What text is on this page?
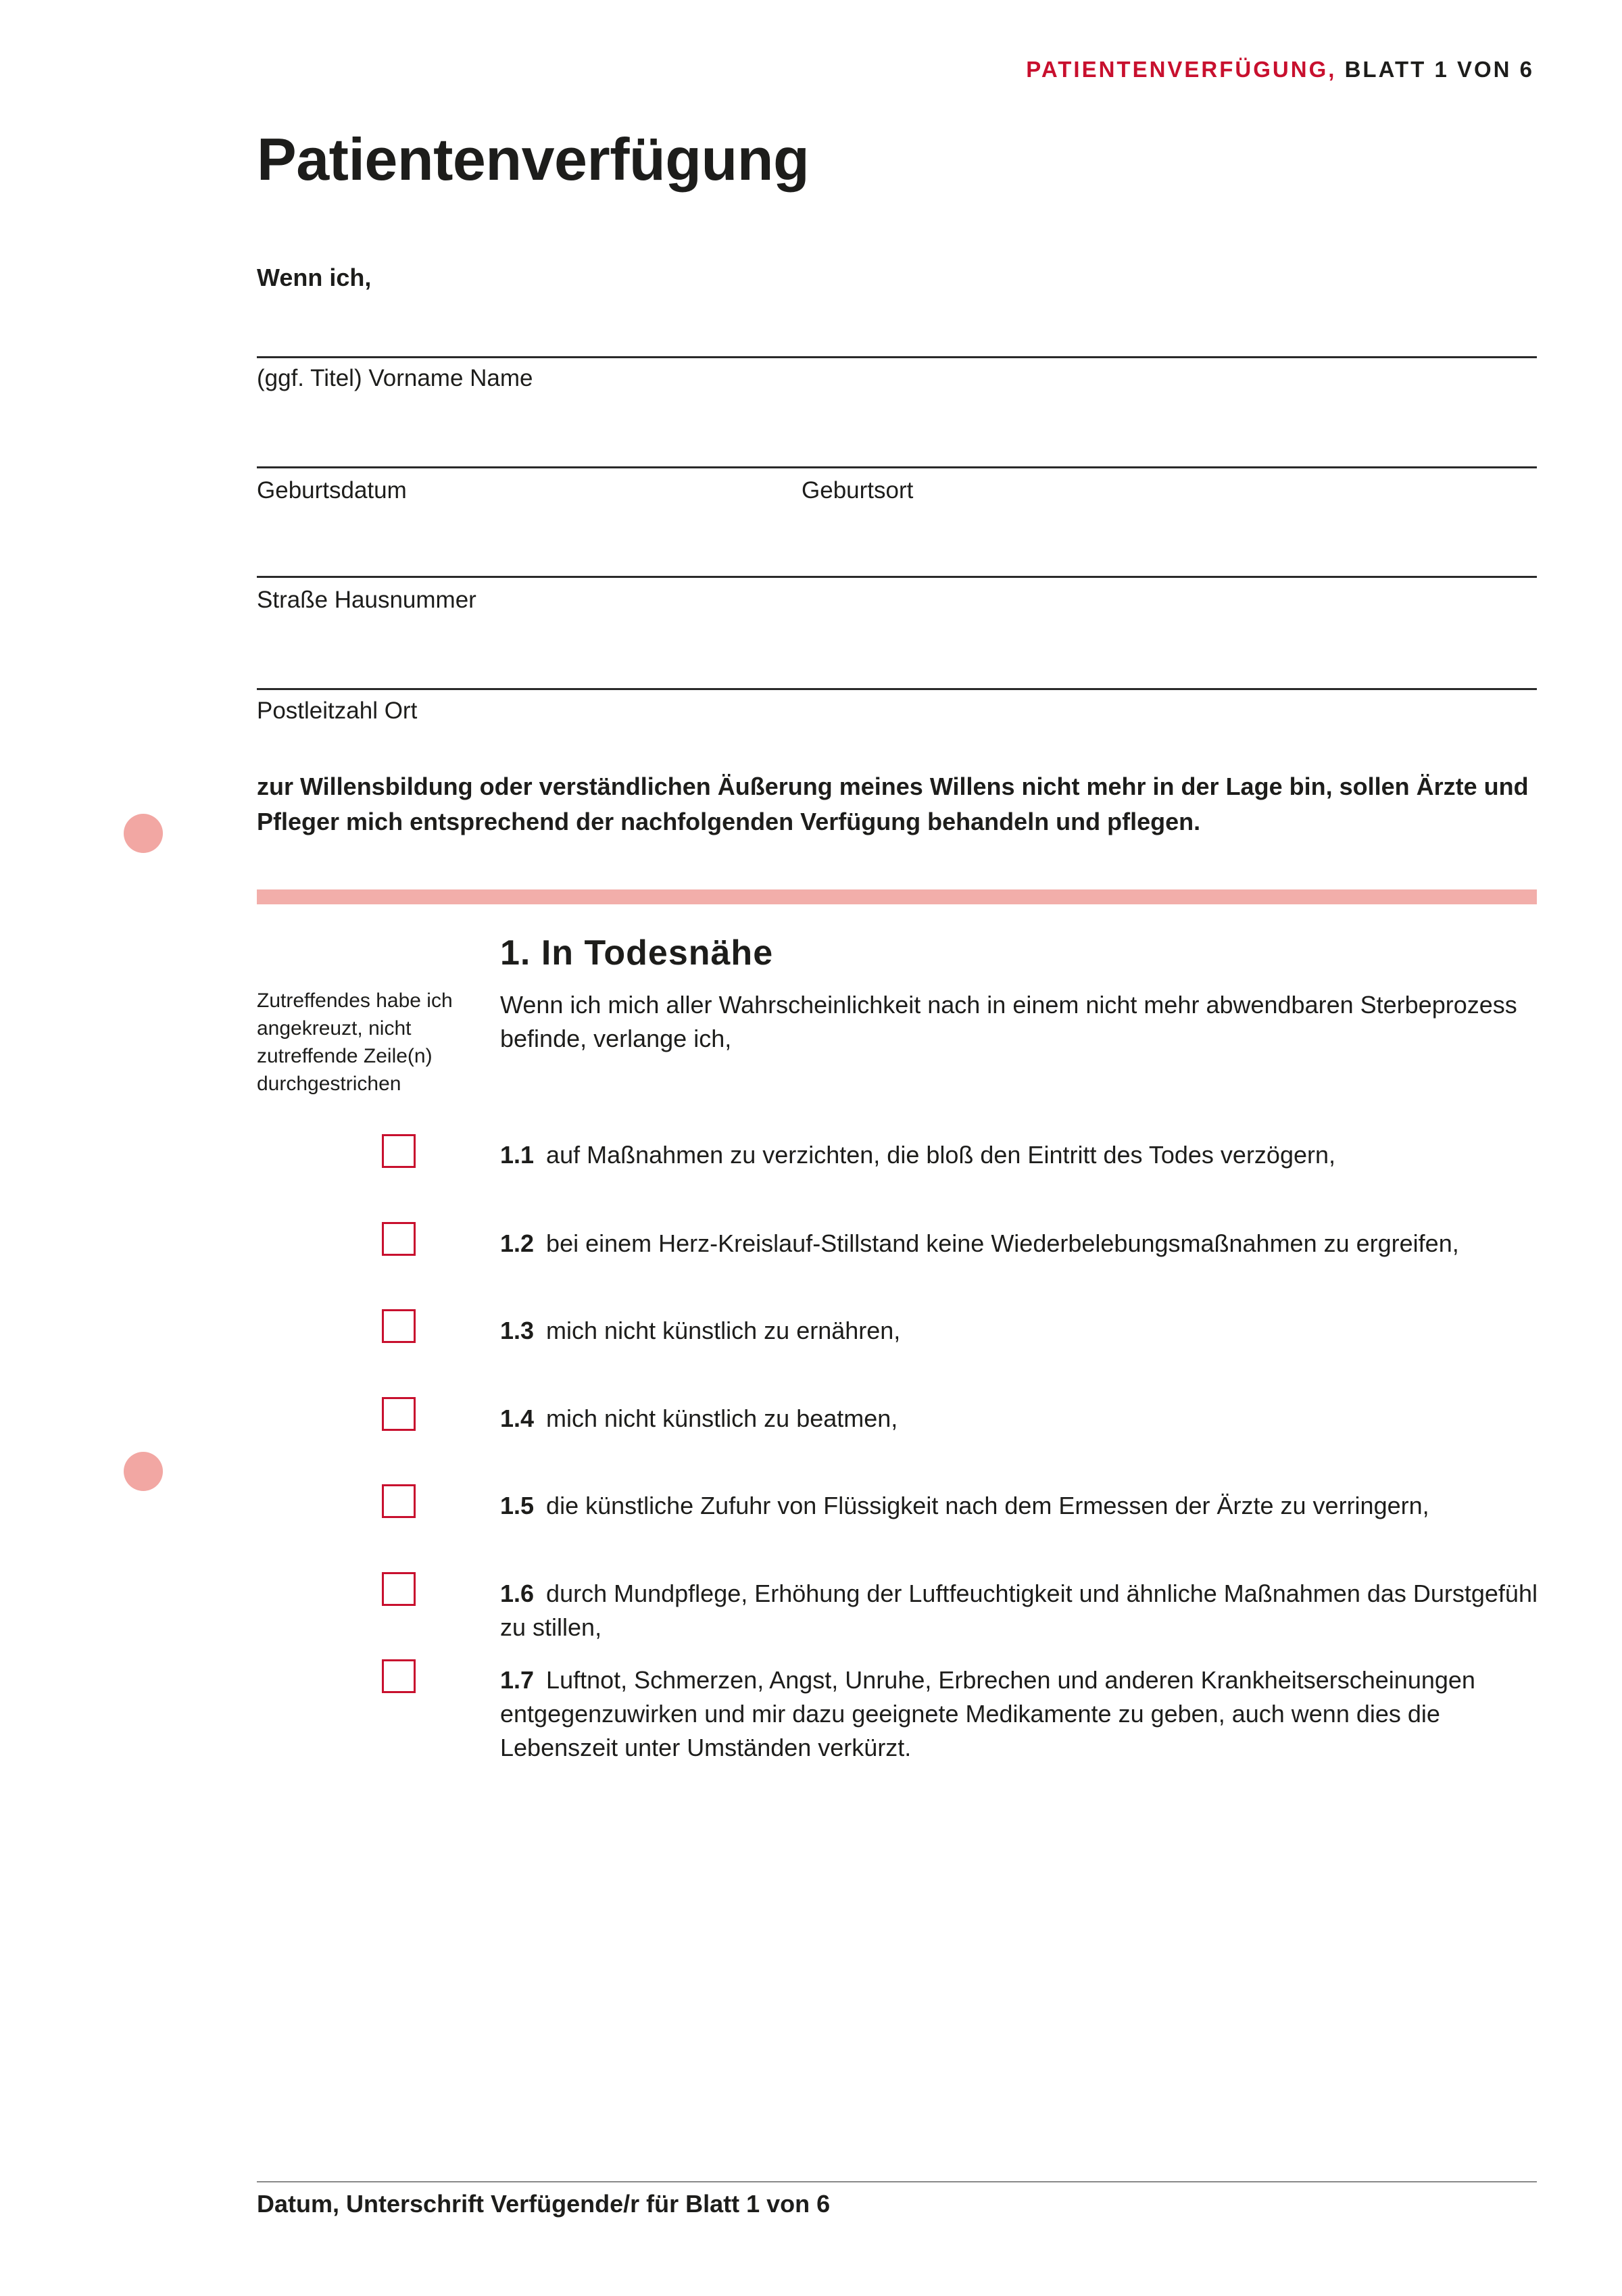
PATIENTENVERFÜGUNG, BLATT 1 VON 6
Patientenverfügung
Wenn ich,
(ggf. Titel) Vorname Name
Geburtsdatum	Geburtsort
Straße Hausnummer
Postleitzahl Ort
zur Willensbildung oder verständlichen Äußerung meines Willens nicht mehr in der Lage bin, sollen Ärzte und Pfleger mich entsprechend der nachfolgenden Verfügung behandeln und pflegen.
1. In Todesnähe
Zutreffendes habe ich angekreuzt, nicht zutreffende Zeile(n) durchgestrichen
Wenn ich mich aller Wahrscheinlichkeit nach in einem nicht mehr abwendbaren Sterbeprozess befinde, verlange ich,
1.1 auf Maßnahmen zu verzichten, die bloß den Eintritt des Todes verzögern,
1.2 bei einem Herz-Kreislauf-Stillstand keine Wiederbelebungsmaßnahmen zu ergreifen,
1.3 mich nicht künstlich zu ernähren,
1.4 mich nicht künstlich zu beatmen,
1.5 die künstliche Zufuhr von Flüssigkeit nach dem Ermessen der Ärzte zu verringern,
1.6 durch Mundpflege, Erhöhung der Luftfeuchtigkeit und ähnliche Maßnahmen das Durstgefühl zu stillen,
1.7 Luftnot, Schmerzen, Angst, Unruhe, Erbrechen und anderen Krankheitserscheinungen entgegenzuwirken und mir dazu geeignete Medikamente zu geben, auch wenn dies die Lebenszeit unter Umständen verkürzt.
Datum, Unterschrift Verfügende/r für Blatt 1 von 6
